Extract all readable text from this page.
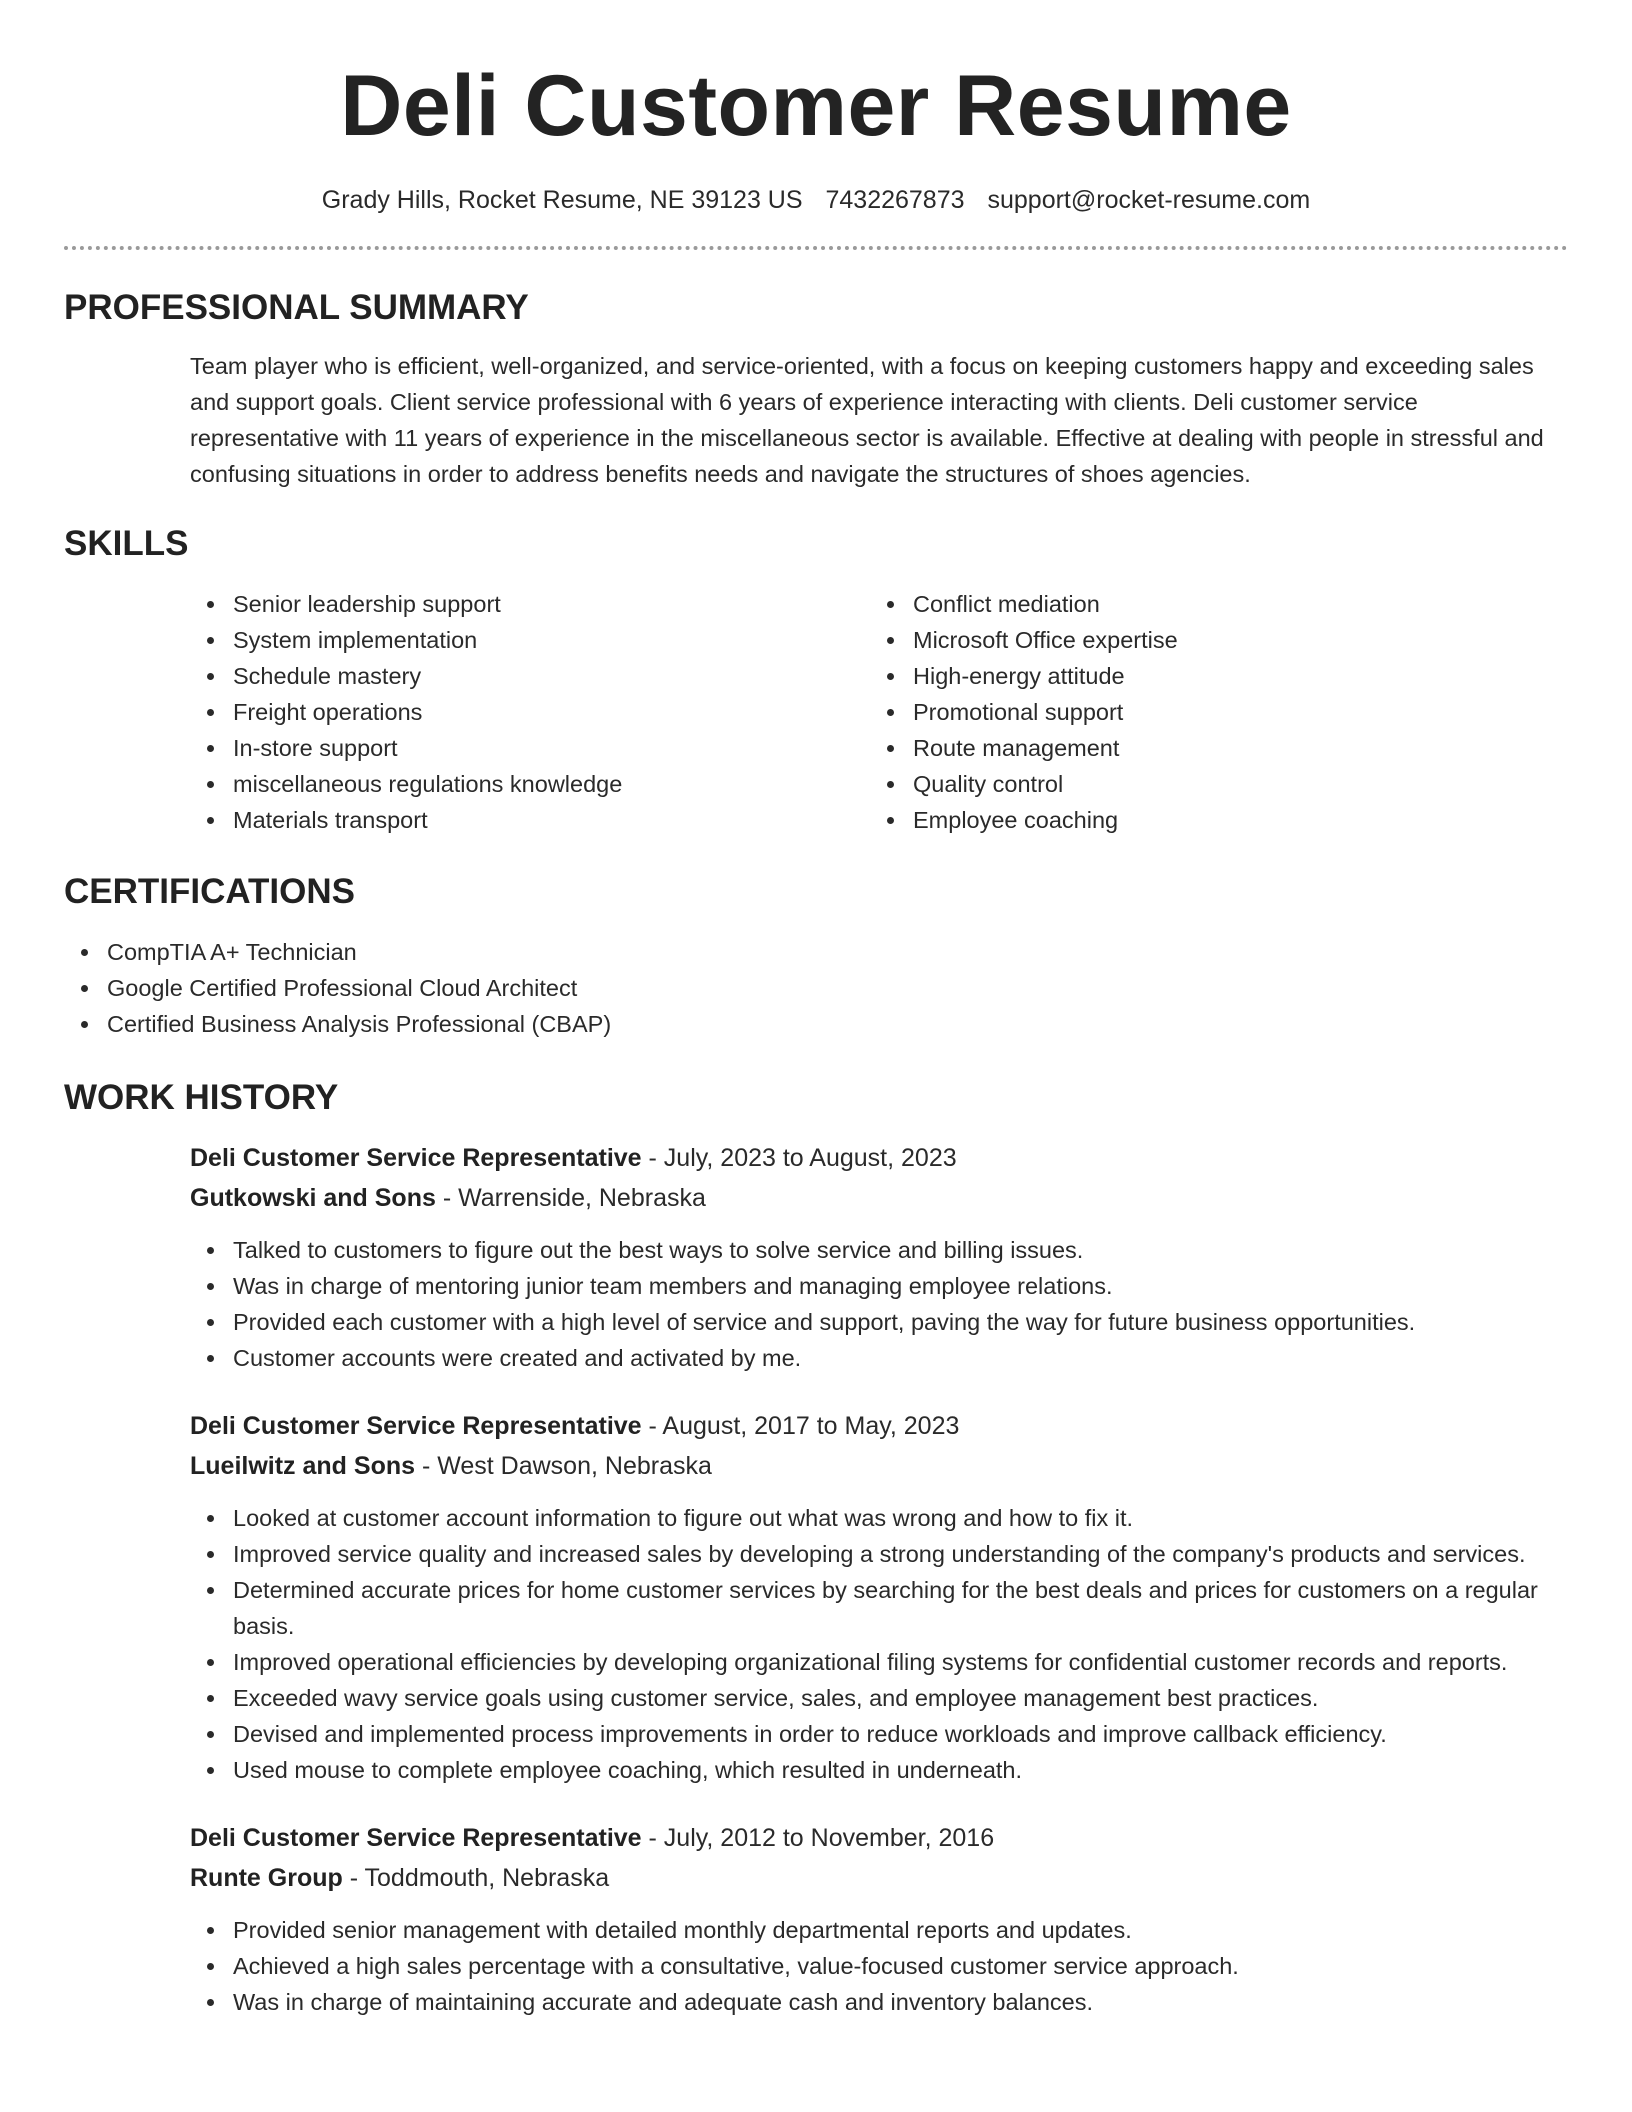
Deli Customer Resume
Grady Hills, Rocket Resume, NE 39123 US 7432267873 support@rocket-resume.com
PROFESSIONAL SUMMARY

Team player who is efficient, well-organized, and service-oriented, with a focus on keeping customers happy and exceeding sales and support goals. Client service professional with 6 years of experience interacting with clients. Deli customer service representative with 11 years of experience in the miscellaneous sector is available. Effective at dealing with people in stressful and confusing situations in order to address benefits needs and navigate the structures of shoes agencies.

SKILLS
Senior leadership support
System implementation
Schedule mastery
Freight operations
In-store support
miscellaneous regulations knowledge
Materials transport
Conflict mediation
Microsoft Office expertise
High-energy attitude
Promotional support
Route management
Quality control
Employee coaching
CERTIFICATIONS
CompTIA A+ Technician
Google Certified Professional Cloud Architect
Certified Business Analysis Professional (CBAP)
WORK HISTORY
Deli Customer Service Representative - July, 2023 to August, 2023
Gutkowski and Sons - Warrenside, Nebraska
Talked to customers to figure out the best ways to solve service and billing issues.
Was in charge of mentoring junior team members and managing employee relations.
Provided each customer with a high level of service and support, paving the way for future business opportunities.
Customer accounts were created and activated by me.
Deli Customer Service Representative - August, 2017 to May, 2023
Lueilwitz and Sons - West Dawson, Nebraska
Looked at customer account information to figure out what was wrong and how to fix it.
Improved service quality and increased sales by developing a strong understanding of the company's products and services.
Determined accurate prices for home customer services by searching for the best deals and prices for customers on a regular basis.
Improved operational efficiencies by developing organizational filing systems for confidential customer records and reports.
Exceeded wavy service goals using customer service, sales, and employee management best practices.
Devised and implemented process improvements in order to reduce workloads and improve callback efficiency.
Used mouse to complete employee coaching, which resulted in underneath.
Deli Customer Service Representative - July, 2012 to November, 2016
Runte Group - Toddmouth, Nebraska
Provided senior management with detailed monthly departmental reports and updates.
Achieved a high sales percentage with a consultative, value-focused customer service approach.
Was in charge of maintaining accurate and adequate cash and inventory balances.
